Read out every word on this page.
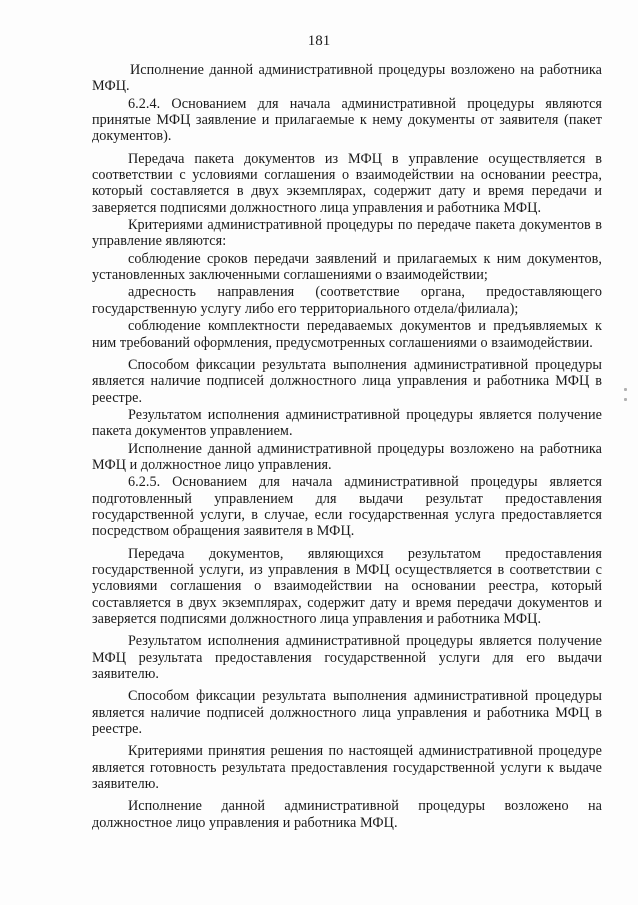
181

Исполнение данной административной процедуры возложено на работника МФЦ.

6.2.4. Основанием для начала административной процедуры являются принятые МФЦ заявление и прилагаемые к нему документы от заявителя (пакет документов).

Передача пакета документов из МФЦ в управление осуществляется в соответствии с условиями соглашения о взаимодействии на основании реестра, который составляется в двух экземплярах, содержит дату и время передачи и заверяется подписями должностного лица управления и работника МФЦ.

Критериями административной процедуры по передаче пакета документов в управление являются:

соблюдение сроков передачи заявлений и прилагаемых к ним документов, установленных заключенными соглашениями о взаимодействии;

адресность направления (соответствие органа, предоставляющего государственную услугу либо его территориального отдела/филиала);

соблюдение комплектности передаваемых документов и предъявляемых к ним требований оформления, предусмотренных соглашениями о взаимодействии.

Способом фиксации результата выполнения административной процедуры является наличие подписей должностного лица управления и работника МФЦ в реестре.

Результатом исполнения административной процедуры является получение пакета документов управлением.

Исполнение данной административной процедуры возложено на работника МФЦ и должностное лицо управления.

6.2.5. Основанием для начала административной процедуры является подготовленный управлением для выдачи результат предоставления государственной услуги, в случае, если государственная услуга предоставляется посредством обращения заявителя в МФЦ.

Передача документов, являющихся результатом предоставления государственной услуги, из управления в МФЦ осуществляется в соответствии с условиями соглашения о взаимодействии на основании реестра, который составляется в двух экземплярах, содержит дату и время передачи документов и заверяется подписями должностного лица управления и работника МФЦ.

Результатом исполнения административной процедуры является получение МФЦ результата предоставления государственной услуги для его выдачи заявителю.

Способом фиксации результата выполнения административной процедуры является наличие подписей должностного лица управления и работника МФЦ в реестре.

Критериями принятия решения по настоящей административной процедуре является готовность результата предоставления государственной услуги к выдаче заявителю.

Исполнение данной административной процедуры возложено на должностное лицо управления и работника МФЦ.
